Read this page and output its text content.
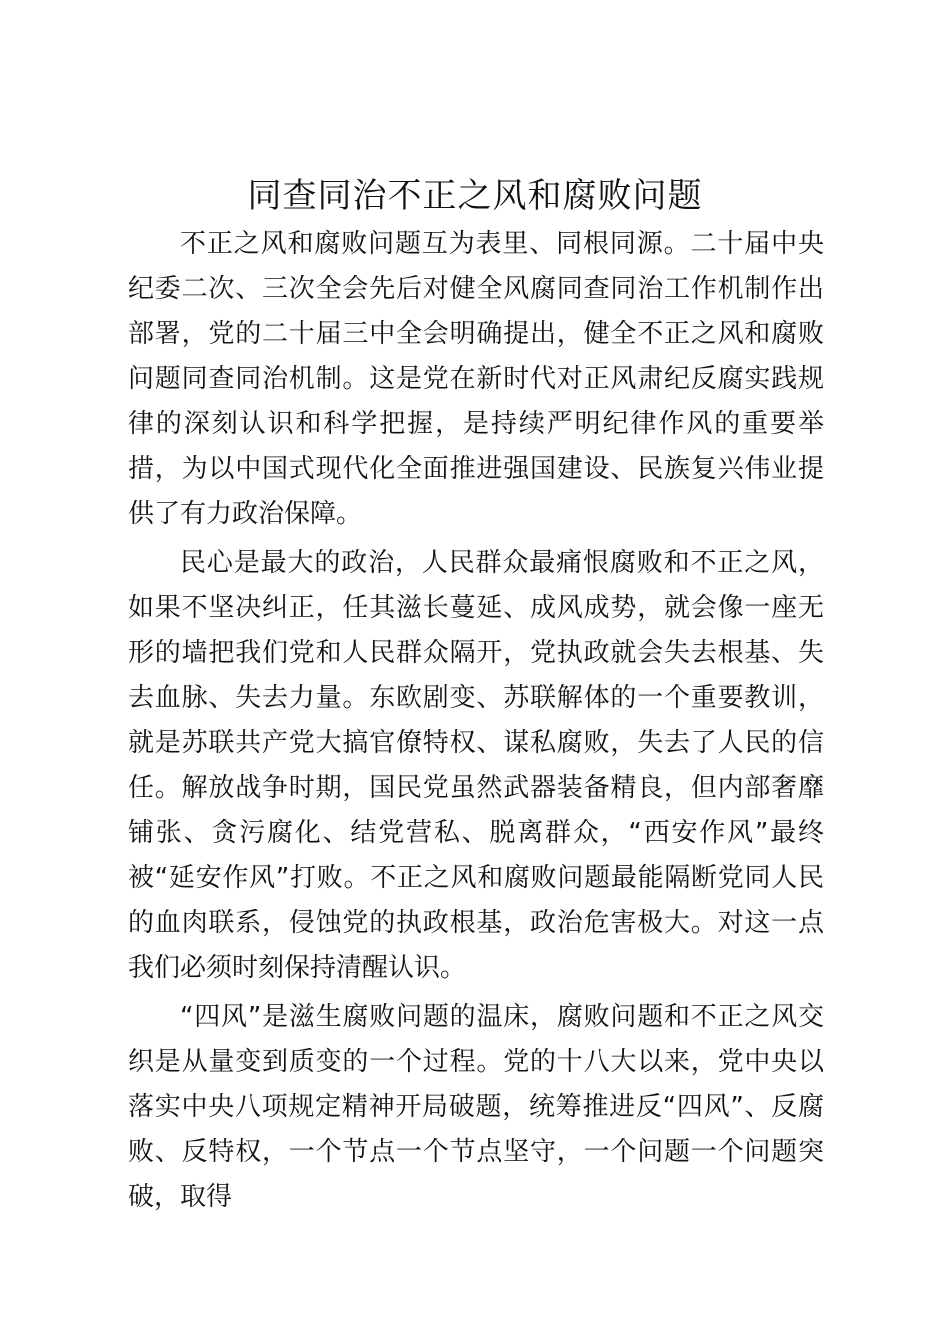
同查同治不正之风和腐败问题

不正之风和腐败问题互为表里、同根同源。二十届中央纪委二次、三次全会先后对健全风腐同查同治工作机制作出部署，党的二十届三中全会明确提出，健全不正之风和腐败问题同查同治机制。这是党在新时代对正风肃纪反腐实践规律的深刻认识和科学把握，是持续严明纪律作风的重要举措，为以中国式现代化全面推进强国建设、民族复兴伟业提供了有力政治保障。

民心是最大的政治，人民群众最痛恨腐败和不正之风，如果不坚决纠正，任其滋长蔓延、成风成势，就会像一座无形的墙把我们党和人民群众隔开，党执政就会失去根基、失去血脉、失去力量。东欧剧变、苏联解体的一个重要教训，就是苏联共产党大搞官僚特权、谋私腐败，失去了人民的信任。解放战争时期，国民党虽然武器装备精良，但内部奢靡铺张、贪污腐化、结党营私、脱离群众，“西安作风”最终被“延安作风”打败。不正之风和腐败问题最能隔断党同人民的血肉联系，侵蚀党的执政根基，政治危害极大。对这一点我们必须时刻保持清醒认识。

“四风”是滋生腐败问题的温床，腐败问题和不正之风交织是从量变到质变的一个过程。党的十八大以来，党中央以落实中央八项规定精神开局破题，统筹推进反“四风”、反腐败、反特权，一个节点一个节点坚守，一个问题一个问题突破，取得
